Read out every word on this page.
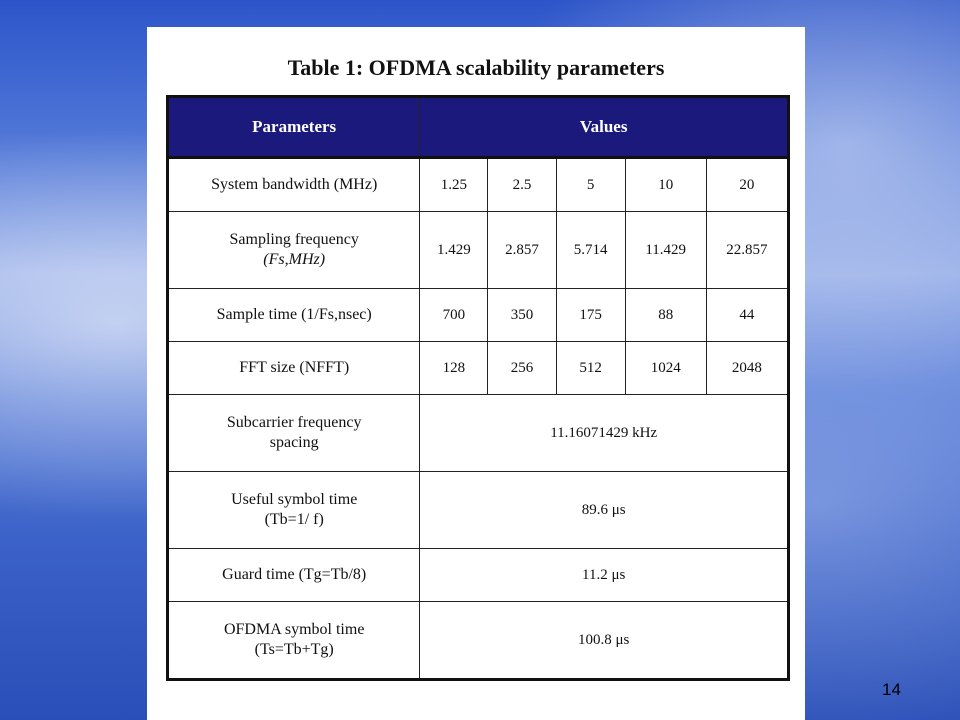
Table 1: OFDMA scalability parameters
Parameters	Values				
System bandwidth (MHz)	1.25	2.5	5	10	20
Sampling frequency
(Fs,MHz)	1.429	2.857	5.714	11.429	22.857
Sample time (1/Fs,nsec)	700	350	175	88	44
FFT size (NFFT)	128	256	512	1024	2048
Subcarrier frequency
spacing	11.16071429 kHz				
Useful symbol time
(Tb=1/ f)	89.6 μs				
Guard time (Tg=Tb/8)	11.2 μs				
OFDMA symbol time
(Ts=Tb+Tg)	100.8 μs				
14
